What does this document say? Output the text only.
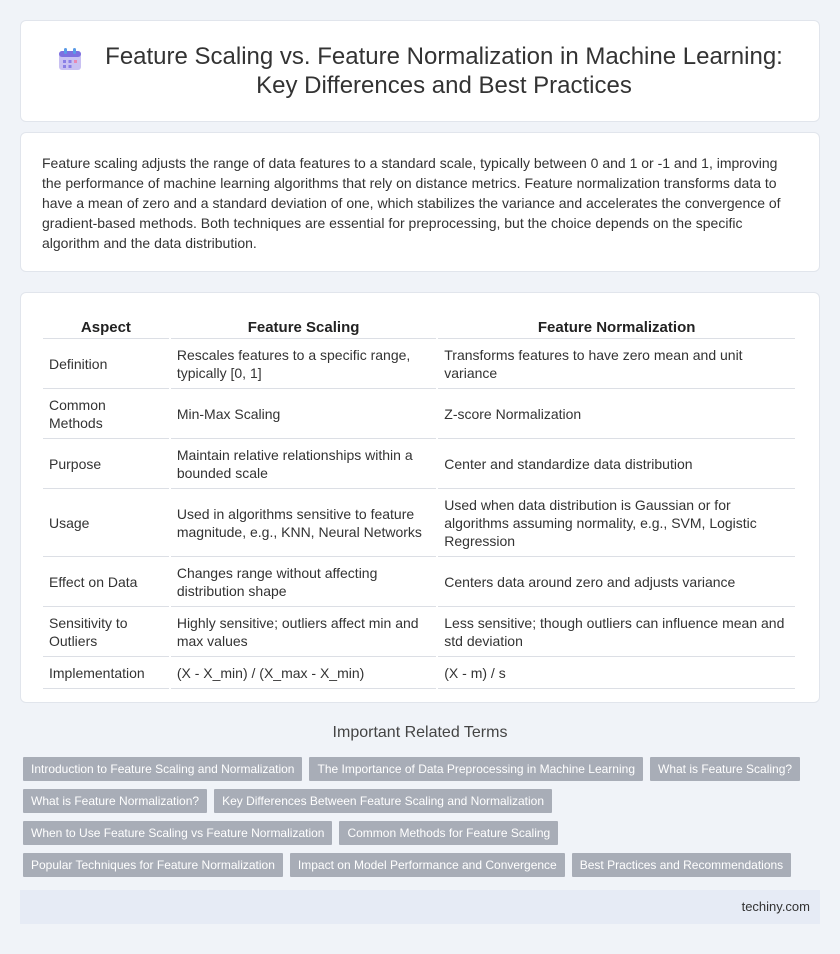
Feature Scaling vs. Feature Normalization in Machine Learning:
Key Differences and Best Practices

Feature scaling adjusts the range of data features to a standard scale, typically between 0 and 1 or -1 and 1, improving the performance of machine learning algorithms that rely on distance metrics. Feature normalization transforms data to have a mean of zero and a standard deviation of one, which stabilizes the variance and accelerates the convergence of gradient-based methods. Both techniques are essential for preprocessing, but the choice depends on the specific algorithm and the data distribution.

Aspect	Feature Scaling	Feature Normalization
Definition	Rescales features to a specific range, typically [0, 1]	Transforms features to have zero mean and unit variance
Common Methods	Min-Max Scaling	Z-score Normalization
Purpose	Maintain relative relationships within a bounded scale	Center and standardize data distribution
Usage	Used in algorithms sensitive to feature magnitude, e.g., KNN, Neural Networks	Used when data distribution is Gaussian or for algorithms assuming normality, e.g., SVM, Logistic Regression
Effect on Data	Changes range without affecting distribution shape	Centers data around zero and adjusts variance
Sensitivity to Outliers	Highly sensitive; outliers affect min and max values	Less sensitive; though outliers can influence mean and std deviation
Implementation	(X - X_min) / (X_max - X_min)	(X - m) / s
Important Related Terms
Introduction to Feature Scaling and Normalization	The Importance of Data Preprocessing in Machine Learning	What is Feature Scaling?
What is Feature Normalization?	Key Differences Between Feature Scaling and Normalization
When to Use Feature Scaling vs Feature Normalization	Common Methods for Feature Scaling
Popular Techniques for Feature Normalization	Impact on Model Performance and Convergence	Best Practices and Recommendations
techiny.com
